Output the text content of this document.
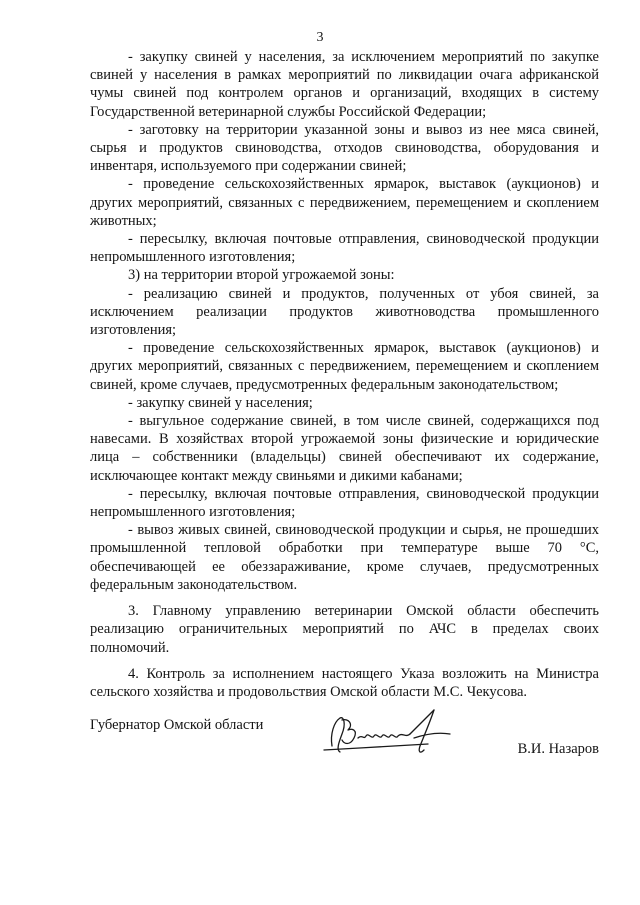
3

- закупку свиней у населения, за исключением мероприятий по закупке свиней у населения в рамках мероприятий по ликвидации очага африканской чумы свиней под контролем органов и организаций, входящих в систему Государственной ветеринарной службы Российской Федерации;

- заготовку на территории указанной зоны и вывоз из нее мяса свиней, сырья и продуктов свиноводства, отходов свиноводства, оборудования и инвентаря, используемого при содержании свиней;

- проведение сельскохозяйственных ярмарок, выставок (аукционов) и других мероприятий, связанных с передвижением, перемещением и скоплением животных;

- пересылку, включая почтовые отправления, свиноводческой продукции непромышленного изготовления;

3) на территории второй угрожаемой зоны:

- реализацию свиней и продуктов, полученных от убоя свиней, за исключением реализации продуктов животноводства промышленного изготовления;

- проведение сельскохозяйственных ярмарок, выставок (аукционов) и других мероприятий, связанных с передвижением, перемещением и скоплением свиней, кроме случаев, предусмотренных федеральным законодательством;

- закупку свиней у населения;

- выгульное содержание свиней, в том числе свиней, содержащихся под навесами. В хозяйствах второй угрожаемой зоны физические и юридические лица – собственники (владельцы) свиней обеспечивают их содержание, исключающее контакт между свиньями и дикими кабанами;

- пересылку, включая почтовые отправления, свиноводческой продукции непромышленного изготовления;

- вывоз живых свиней, свиноводческой продукции и сырья, не прошедших промышленной тепловой обработки при температуре выше 70 °С, обеспечивающей ее обеззараживание, кроме случаев, предусмотренных федеральным законодательством.

3. Главному управлению ветеринарии Омской области обеспечить реализацию ограничительных мероприятий по АЧС в пределах своих полномочий.

4. Контроль за исполнением настоящего Указа возложить на Министра сельского хозяйства и продовольствия Омской области М.С. Чекусова.

Губернатор Омской области
В.И. Назаров
